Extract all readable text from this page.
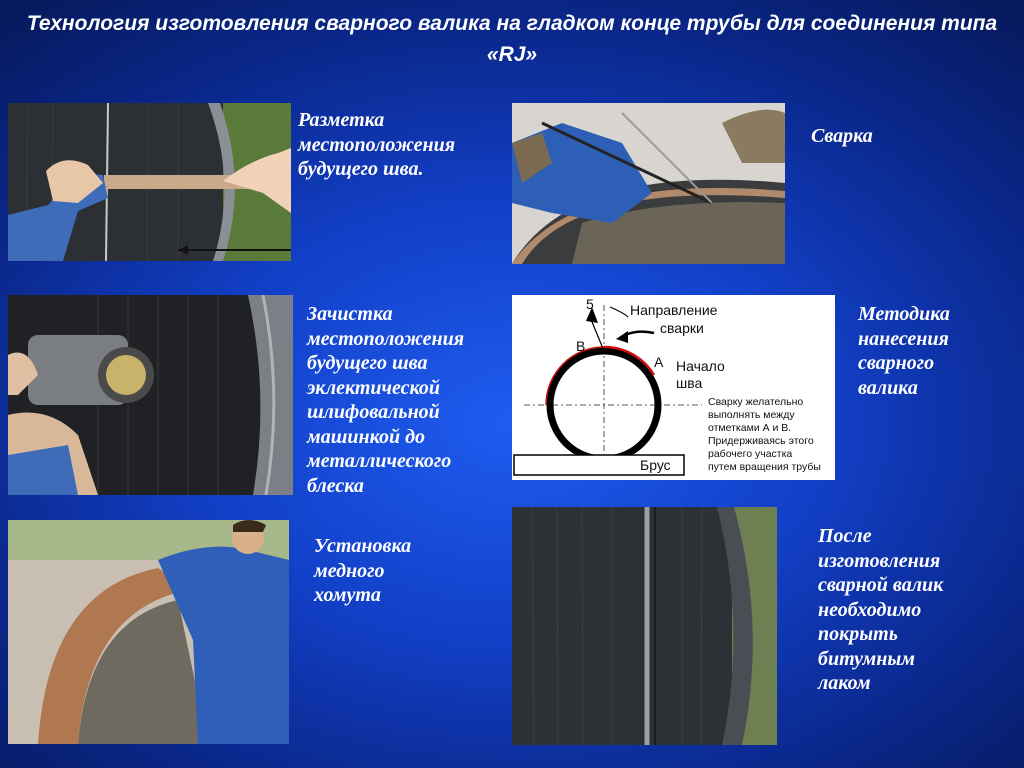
Технология изготовления сварного валика на гладком конце трубы для соединения типа «RJ»
Разметка
местоположения
будущего шва.
Сварка
Зачистка
местоположения
будущего шва
эклектической
шлифовальной
машинкой до
металлического
блеска
5
В
А
Направление
сварки
Начало
шва
Сварку желательно
выполнять между
отметками А и В.
Придерживаясь этого
рабочего участка
путем вращения трубы
Брус
Методика
нанесения
сварного
валика
Установка
медного
хомута
После
изготовления
сварной валик
необходимо
покрыть
битумным
лаком
